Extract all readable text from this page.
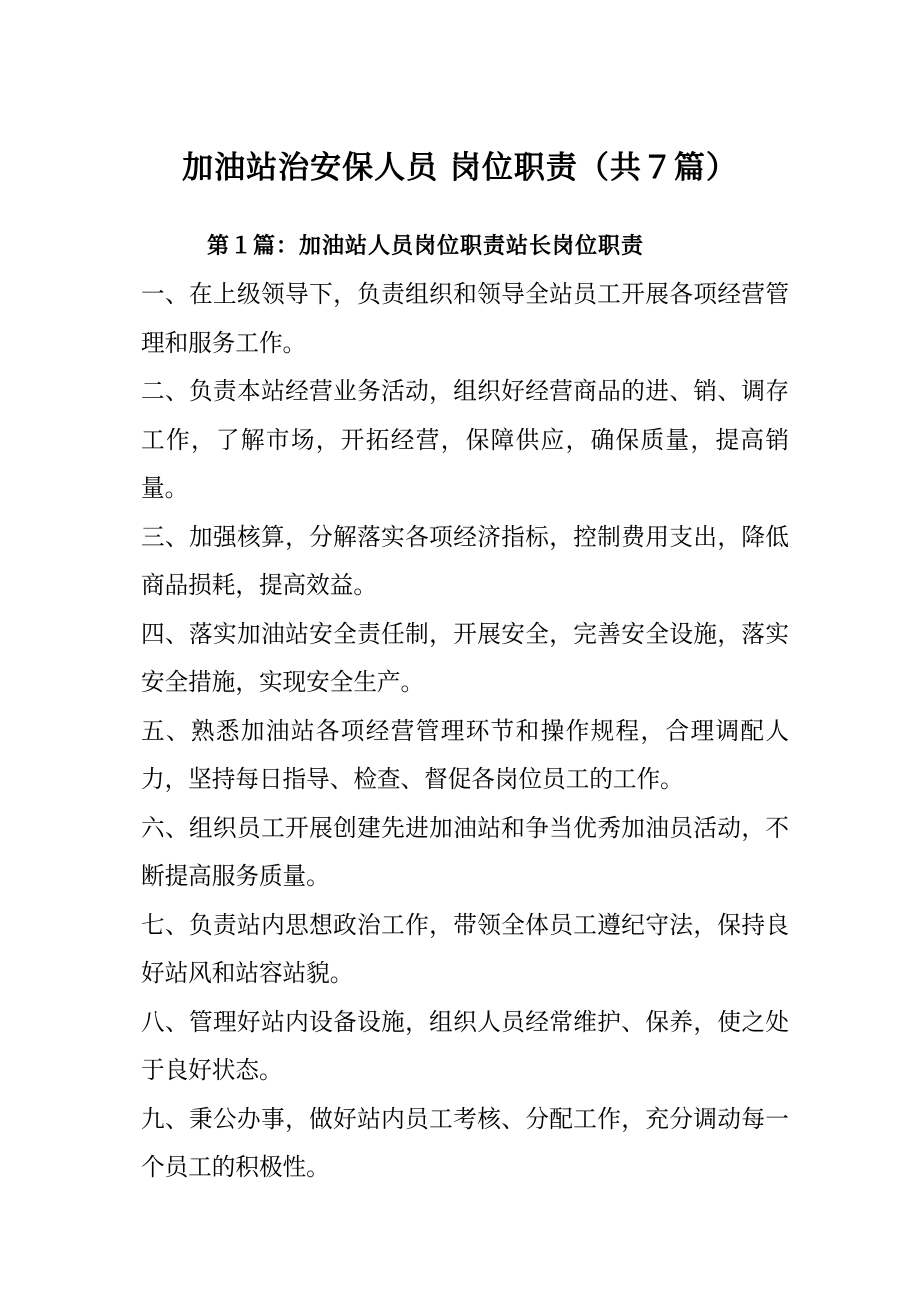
加油站治安保人员 岗位职责（共７篇）
第１篇：加油站人员岗位职责站长岗位职责
一、在上级领导下，负责组织和领导全站员工开展各项经营管理和服务工作。
二、负责本站经营业务活动，组织好经营商品的进、销、调存工作，了解市场，开拓经营，保障供应，确保质量，提高销量。
三、加强核算，分解落实各项经济指标，控制费用支出，降低商品损耗，提高效益。
四、落实加油站安全责任制，开展安全，完善安全设施，落实安全措施，实现安全生产。
五、熟悉加油站各项经营管理环节和操作规程，合理调配人力，坚持每日指导、检查、督促各岗位员工的工作。
六、组织员工开展创建先进加油站和争当优秀加油员活动，不断提高服务质量。
七、负责站内思想政治工作，带领全体员工遵纪守法，保持良好站风和站容站貌。
八、管理好站内设备设施，组织人员经常维护、保养，使之处于良好状态。
九、秉公办事，做好站内员工考核、分配工作，充分调动每一个员工的积极性。
